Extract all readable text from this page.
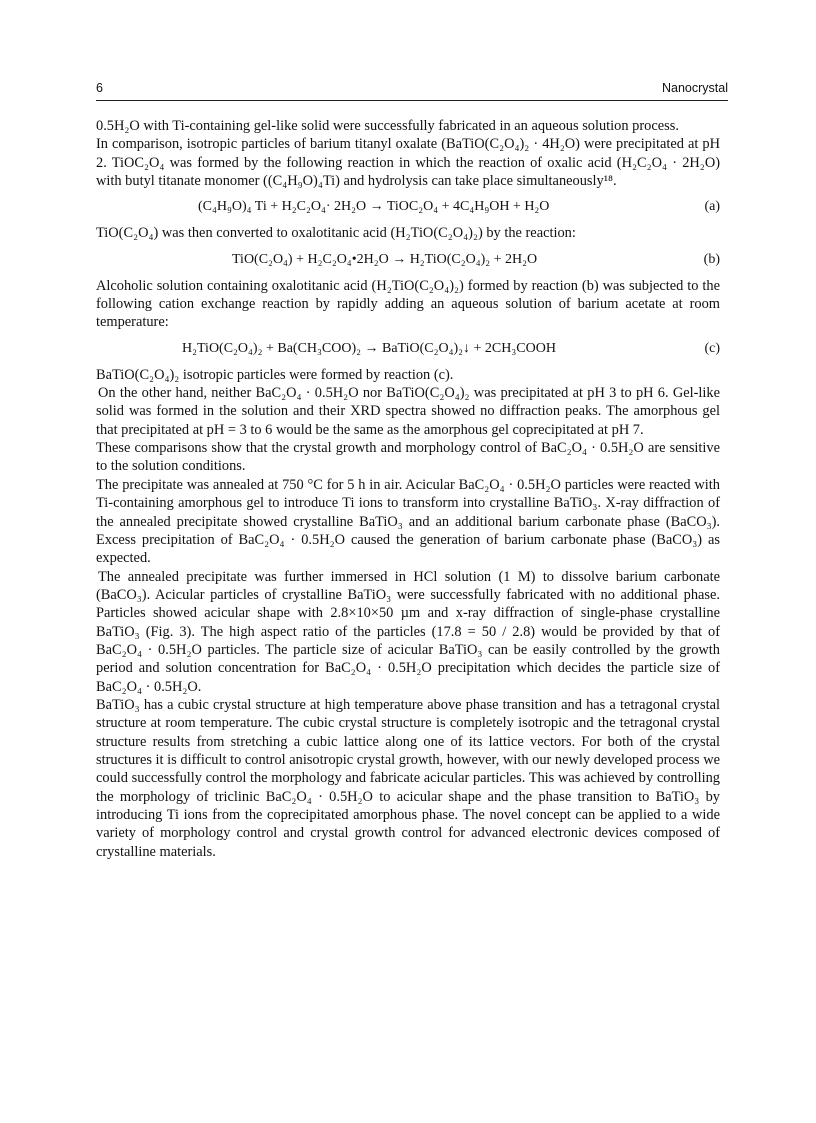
6	Nanocrystal

0.5H₂O with Ti-containing gel-like solid were successfully fabricated in an aqueous solution process.

In comparison, isotropic particles of barium titanyl oxalate (BaTiO(C₂O₄)₂ · 4H₂O) were precipitated at pH 2. TiOC₂O₄ was formed by the following reaction in which the reaction of oxalic acid (H₂C₂O₄ · 2H₂O) with butyl titanate monomer ((C₄H₉O)₄Ti) and hydrolysis can take place simultaneously¹⁸.

(C₄H₉O)₄ Ti + H₂C₂O₄· 2H₂O → TiOC₂O₄ + 4C₄H₉OH + H₂O	(a)

TiO(C₂O₄) was then converted to oxalotitanic acid (H₂TiO(C₂O₄)₂) by the reaction:

TiO(C₂O₄) + H₂C₂O₄•2H₂O → H₂TiO(C₂O₄)₂ + 2H₂O	(b)

Alcoholic solution containing oxalotitanic acid (H₂TiO(C₂O₄)₂) formed by reaction (b) was subjected to the following cation exchange reaction by rapidly adding an aqueous solution of barium acetate at room temperature:

H₂TiO(C₂O₄)₂ + Ba(CH₃COO)₂ → BaTiO(C₂O₄)₂↓ + 2CH₃COOH	(c)

BaTiO(C₂O₄)₂ isotropic particles were formed by reaction (c).

On the other hand, neither BaC₂O₄ · 0.5H₂O nor BaTiO(C₂O₄)₂ was precipitated at pH 3 to pH 6. Gel-like solid was formed in the solution and their XRD spectra showed no diffraction peaks. The amorphous gel that precipitated at pH = 3 to 6 would be the same as the amorphous gel coprecipitated at pH 7.

These comparisons show that the crystal growth and morphology control of BaC₂O₄ · 0.5H₂O are sensitive to the solution conditions.

The precipitate was annealed at 750 °C for 5 h in air. Acicular BaC₂O₄ · 0.5H₂O particles were reacted with Ti-containing amorphous gel to introduce Ti ions to transform into crystalline BaTiO₃. X-ray diffraction of the annealed precipitate showed crystalline BaTiO₃ and an additional barium carbonate phase (BaCO₃). Excess precipitation of BaC₂O₄ · 0.5H₂O caused the generation of barium carbonate phase (BaCO₃) as expected.

The annealed precipitate was further immersed in HCl solution (1 M) to dissolve barium carbonate (BaCO₃). Acicular particles of crystalline BaTiO₃ were successfully fabricated with no additional phase. Particles showed acicular shape with 2.8×10×50 µm and x-ray diffraction of single-phase crystalline BaTiO₃ (Fig. 3). The high aspect ratio of the particles (17.8 = 50 / 2.8) would be provided by that of BaC₂O₄ · 0.5H₂O particles. The particle size of acicular BaTiO₃ can be easily controlled by the growth period and solution concentration for BaC₂O₄ · 0.5H₂O precipitation which decides the particle size of BaC₂O₄ · 0.5H₂O.

BaTiO₃ has a cubic crystal structure at high temperature above phase transition and has a tetragonal crystal structure at room temperature. The cubic crystal structure is completely isotropic and the tetragonal crystal structure results from stretching a cubic lattice along one of its lattice vectors. For both of the crystal structures it is difficult to control anisotropic crystal growth, however, with our newly developed process we could successfully control the morphology and fabricate acicular particles. This was achieved by controlling the morphology of triclinic BaC₂O₄ · 0.5H₂O to acicular shape and the phase transition to BaTiO₃ by introducing Ti ions from the coprecipitated amorphous phase. The novel concept can be applied to a wide variety of morphology control and crystal growth control for advanced electronic devices composed of crystalline materials.
